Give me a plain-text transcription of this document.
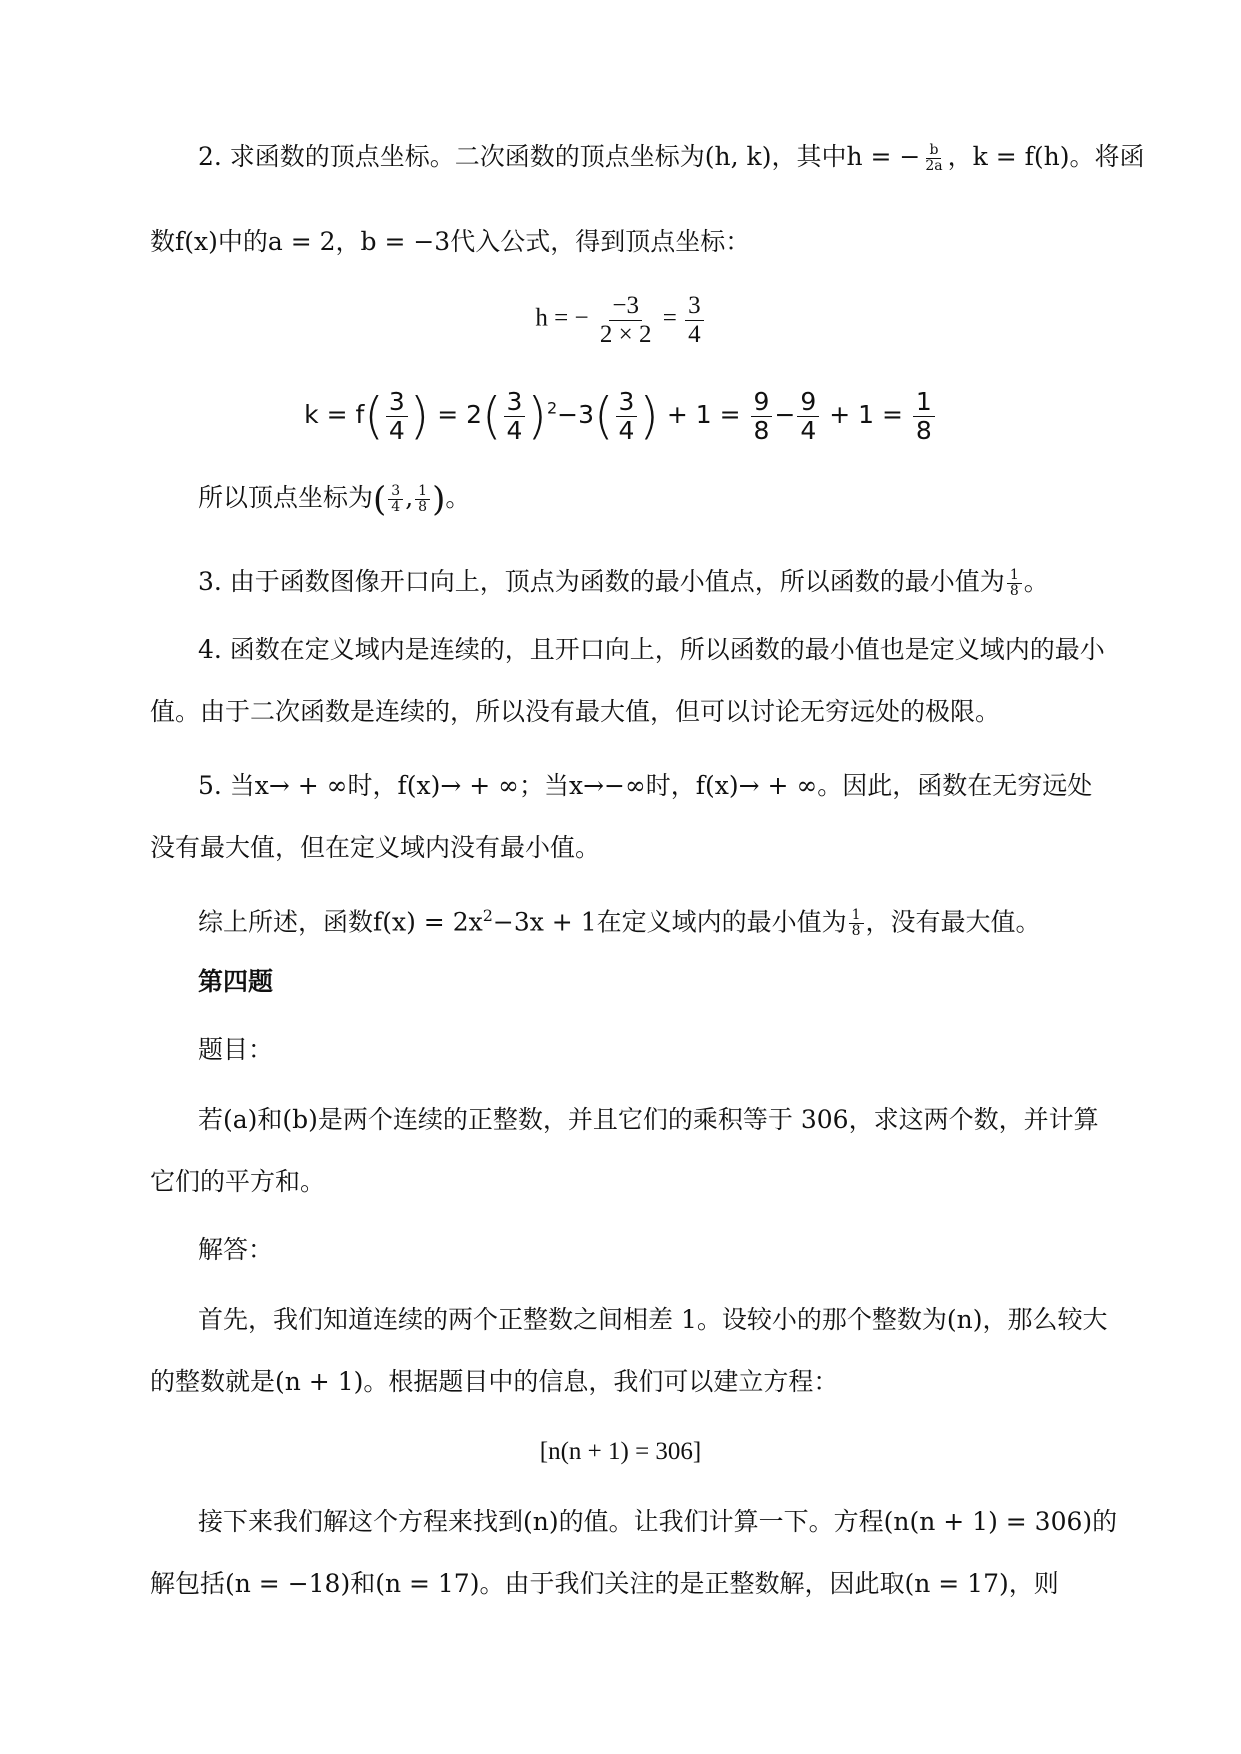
2. 求函数的顶点坐标。二次函数的顶点坐标为(h, k)，其中h = − $\frac{b}{2a}$ ，k = f(h)。将函
数f(x)中的a = 2，b = −3代入公式，得到顶点坐标：
h = − $\frac{-3}{2 \times 2} = \frac{3}{4}$
$k = f( \frac{3}{4}$ ) = $2( \frac{3}{4} )^2-3( \frac{3}{4}$ ) + $1 = \frac{9}{8} - \frac{9}{4} + 1 = \frac{1}{8}$
所以顶点坐标为( $\frac{3}{4}$ , $\frac{1}{8}$ )。
3. 由于函数图像开口向上，顶点为函数的最小值点，所以函数的最小值为 $\frac{1}{8}$ 。
4. 函数在定义域内是连续的，且开口向上，所以函数的最小值也是定义域内的最小
值。由于二次函数是连续的，所以没有最大值，但可以讨论无穷远处的极限。
5. 当x→ + ∞时，f(x)→ + ∞；当x→−∞时，f(x)→ + ∞。因此，函数在无穷远处
没有最大值，但在定义域内没有最小值。
综上所述，函数$f(x) = 2x^2-3x + 1$在定义域内的最小值为 $\frac{1}{8}$ ，没有最大值。
第四题
题目：
若(a)和(b)是两个连续的正整数，并且它们的乘积等于 306，求这两个数，并计算
它们的平方和。
解答：
首先，我们知道连续的两个正整数之间相差 1。设较小的那个整数为(n)，那么较大
的整数就是(n + 1)。根据题目中的信息，我们可以建立方程：
[n(n + 1) = 306]
接下来我们解这个方程来找到(n)的值。让我们计算一下。方程(n(n + 1) = 306)的
解包括(n = −18)和(n = 17)。由于我们关注的是正整数解，因此取(n = 17)，则
